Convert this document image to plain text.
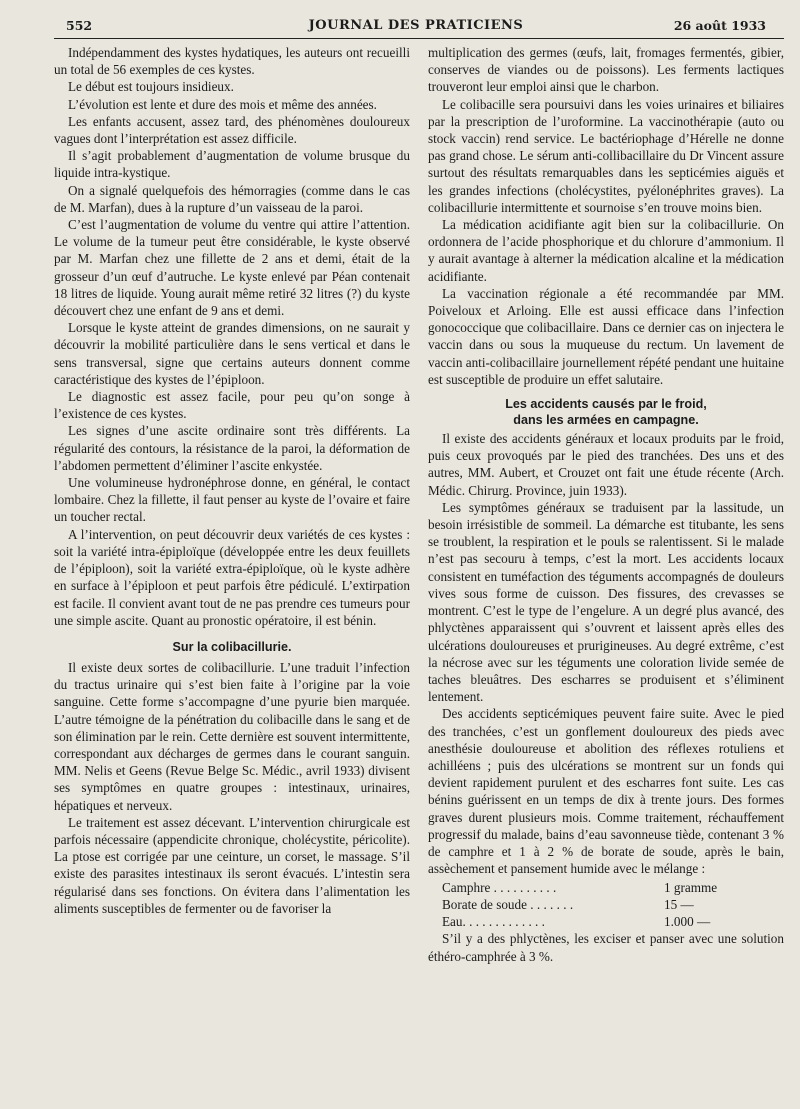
552	JOURNAL DES PRATICIENS	26 août 1933

Indépendamment des kystes hydatiques, les auteurs ont recueilli un total de 56 exemples de ces kystes.

Le début est toujours insidieux.

L’évolution est lente et dure des mois et même des années.

Les enfants accusent, assez tard, des phénomènes douloureux vagues dont l’interprétation est assez difficile.

Il s’agit probablement d’augmentation de volume brusque du liquide intra-kystique.

On a signalé quelquefois des hémorragies (comme dans le cas de M. Marfan), dues à la rupture d’un vaisseau de la paroi.

C’est l’augmentation de volume du ventre qui attire l’attention. Le volume de la tumeur peut être considérable, le kyste observé par M. Marfan chez une fillette de 2 ans et demi, était de la grosseur d’un œuf d’autruche. Le kyste enlevé par Péan contenait 18 litres de liquide. Young aurait même retiré 32 litres (?) du kyste découvert chez une enfant de 9 ans et demi.

Lorsque le kyste atteint de grandes dimensions, on ne saurait y découvrir la mobilité particulière dans le sens vertical et dans le sens transversal, signe que certains auteurs donnent comme caractéristique des kystes de l’épiploon.

Le diagnostic est assez facile, pour peu qu’on songe à l’existence de ces kystes.

Les signes d’une ascite ordinaire sont très différents. La régularité des contours, la résistance de la paroi, la déformation de l’abdomen permettent d’éliminer l’ascite enkystée.

Une volumineuse hydronéphrose donne, en général, le contact lombaire. Chez la fillette, il faut penser au kyste de l’ovaire et faire un toucher rectal.

A l’intervention, on peut découvrir deux variétés de ces kystes : soit la variété intra-épiploïque (développée entre les deux feuillets de l’épiploon), soit la variété extra-épiploïque, où le kyste adhère en surface à l’épiploon et peut parfois être pédiculé. L’extirpation est facile. Il convient avant tout de ne pas prendre ces tumeurs pour une simple ascite. Quant au pronostic opératoire, il est bénin.

Sur la colibacillurie.

Il existe deux sortes de colibacillurie. L’une traduit l’infection du tractus urinaire qui s’est bien faite à l’origine par la voie sanguine. Cette forme s’accompagne d’une pyurie bien marquée. L’autre témoigne de la pénétration du colibacille dans le sang et de son élimination par le rein. Cette dernière est souvent intermittente, correspondant aux décharges de germes dans le courant sanguin. MM. Nelis et Geens (Revue Belge Sc. Médic., avril 1933) divisent ses symptômes en quatre groupes : intestinaux, urinaires, hépatiques et nerveux.

Le traitement est assez décevant. L’intervention chirurgicale est parfois nécessaire (appendicite chronique, cholécystite, péricolite). La ptose est corrigée par une ceinture, un corset, le massage. S’il existe des parasites intestinaux ils seront évacués. L’intestin sera régularisé dans ses fonctions. On évitera dans l’alimentation les aliments susceptibles de fermenter ou de favoriser la

multiplication des germes (œufs, lait, fromages fermentés, gibier, conserves de viandes ou de poissons). Les ferments lactiques trouveront leur emploi ainsi que le charbon.

Le colibacille sera poursuivi dans les voies urinaires et biliaires par la prescription de l’uroformine. La vaccinothérapie (auto ou stock vaccin) rend service. Le bactériophage d’Hérelle ne donne pas grand chose. Le sérum anti-collibacillaire du Dr Vincent assure surtout des résultats remarquables dans les septicémies aiguës et les grandes infections (cholécystites, pyélonéphrites graves). La colibacillurie intermittente et sournoise s’en trouve moins bien.

La médication acidifiante agit bien sur la colibacillurie. On ordonnera de l’acide phosphorique et du chlorure d’ammonium. Il y aurait avantage à alterner la médication alcaline et la médication acidifiante.

La vaccination régionale a été recommandée par MM. Poiveloux et Arloing. Elle est aussi efficace dans l’infection gonococcique que colibacillaire. Dans ce dernier cas on injectera le vaccin dans ou sous la muqueuse du rectum. Un lavement de vaccin anti-colibacillaire journellement répété pendant une huitaine est susceptible de produire un effet salutaire.

Les accidents causés par le froid,
dans les armées en campagne.

Il existe des accidents généraux et locaux produits par le froid, puis ceux provoqués par le pied des tranchées. Des uns et des autres, MM. Aubert, et Crouzet ont fait une étude récente (Arch. Médic. Chirurg. Province, juin 1933).

Les symptômes généraux se traduisent par la lassitude, un besoin irrésistible de sommeil. La démarche est titubante, les sens se troublent, la respiration et le pouls se ralentissent. Si le malade n’est pas secouru à temps, c’est la mort. Les accidents locaux consistent en tuméfaction des téguments accompagnés de douleurs vives sous forme de cuisson. Des fissures, des crevasses se montrent. C’est le type de l’engelure. A un degré plus avancé, des phlyctènes apparaissent qui s’ouvrent et laissent après elles des ulcérations douloureuses et prurigineuses. Au degré extrême, c’est la nécrose avec sur les téguments une coloration livide semée de taches bleuâtres. Des escharres se produisent et s’éliminent lentement.

Des accidents septicémiques peuvent faire suite. Avec le pied des tranchées, c’est un gonflement douloureux des pieds avec anesthésie douloureuse et abolition des réflexes rotuliens et achilléens ; puis des ulcérations se montrent sur un fonds qui devient rapidement purulent et des escharres font suite. Les cas bénins guérissent en un temps de dix à trente jours. Des formes graves durent plusieurs mois. Comme traitement, réchauffement progressif du malade, bains d’eau savonneuse tiède, contenant 3 % de camphre et 1 à 2 % de borate de soude, après le bain, assèchement et pansement humide avec le mélange :

Camphre . . . . . . . . . .	1 gramme
Borate de soude . . . . . . .	15 —
Eau. . . . . . . . . . . . .	1.000 —

S’il y a des phlyctènes, les exciser et panser avec une solution éthéro-camphrée à 3 %.
